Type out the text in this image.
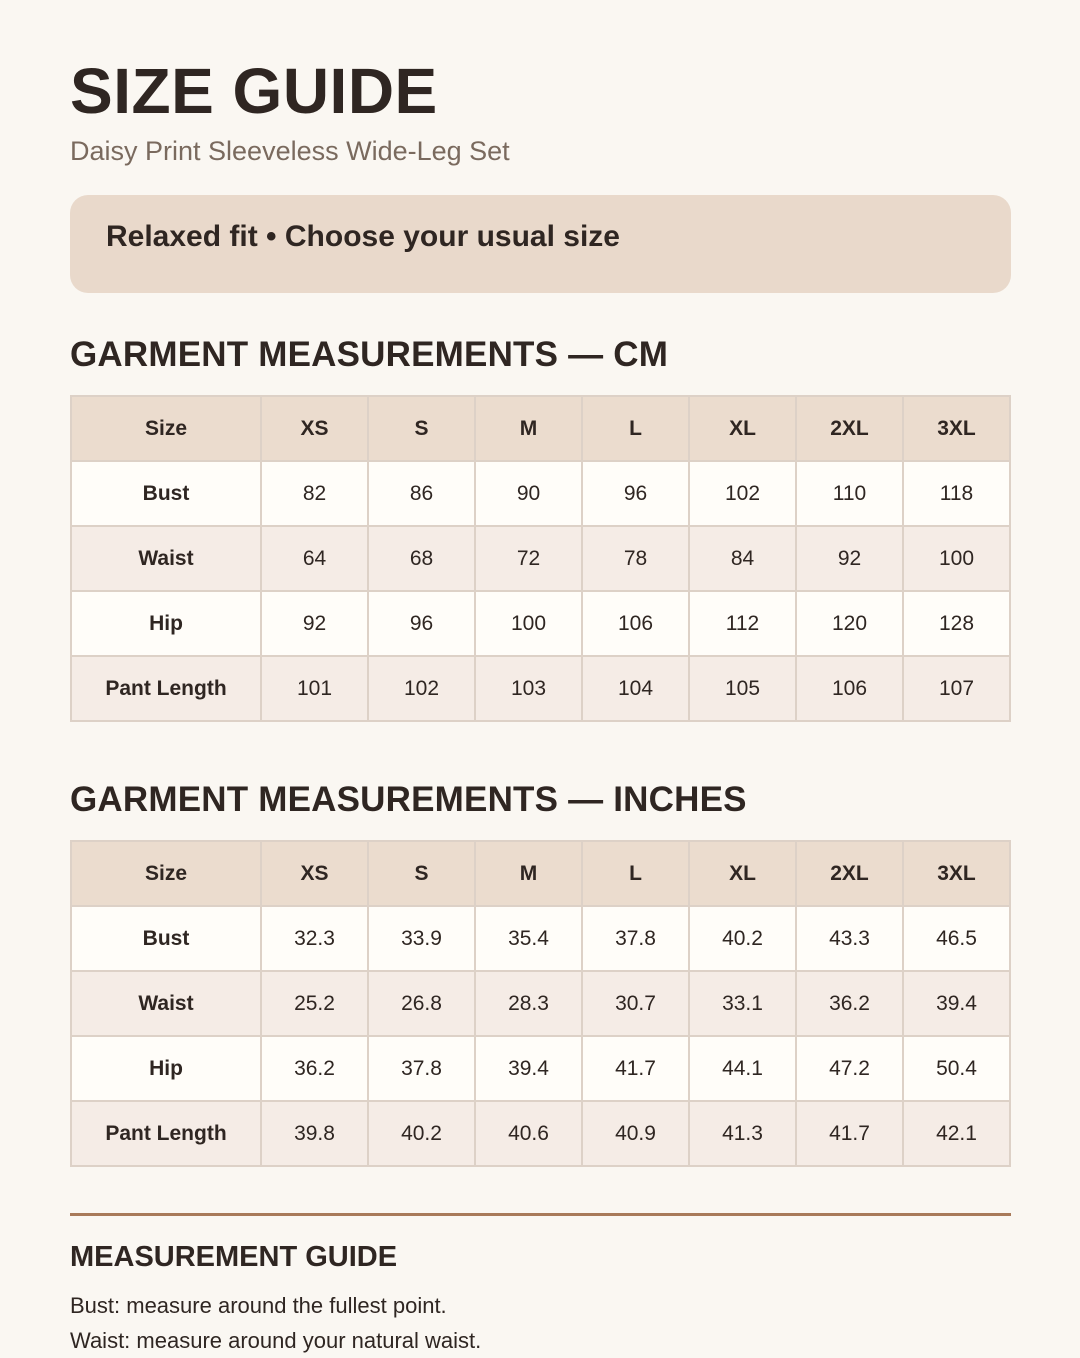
SIZE GUIDE
Daisy Print Sleeveless Wide-Leg Set
Relaxed fit • Choose your usual size
GARMENT MEASUREMENTS — CM
Size	XS	S	M	L	XL	2XL	3XL
Bust	82	86	90	96	102	110	118
Waist	64	68	72	78	84	92	100
Hip	92	96	100	106	112	120	128
Pant Length	101	102	103	104	105	106	107
GARMENT MEASUREMENTS — INCHES
Size	XS	S	M	L	XL	2XL	3XL
Bust	32.3	33.9	35.4	37.8	40.2	43.3	46.5
Waist	25.2	26.8	28.3	30.7	33.1	36.2	39.4
Hip	36.2	37.8	39.4	41.7	44.1	47.2	50.4
Pant Length	39.8	40.2	40.6	40.9	41.3	41.7	42.1
MEASUREMENT GUIDE
Bust: measure around the fullest point.
Waist: measure around your natural waist.
